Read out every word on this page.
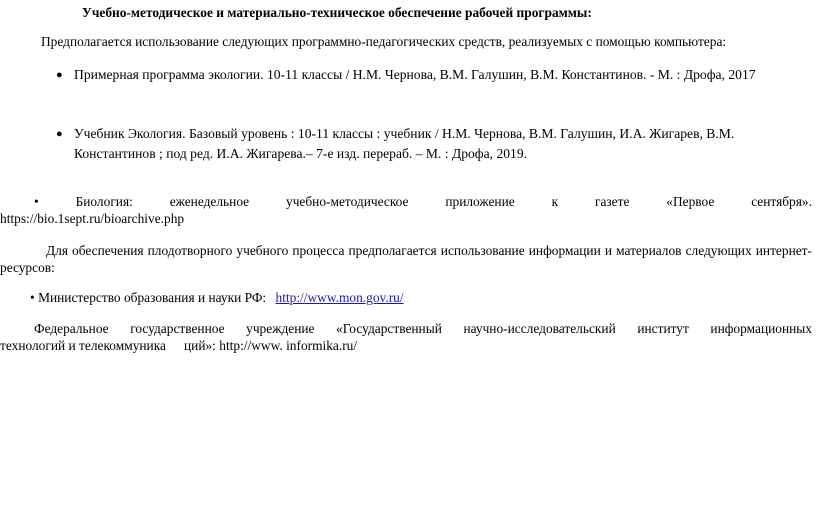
Учебно-методическое и материально-техническое обеспечение рабочей программы:
Предполагается использование следующих программно-педагогических средств, реализуемых с помощью компьютера:
● Примерная программа экологии. 10-11 классы / Н.М. Чернова, В.М. Галушин, В.М. Константинов. - М. : Дрофа, 2017
● Учебник Экология. Базовый уровень : 10-11 классы : учебник / Н.М. Чернова, В.М. Галушин, И.А. Жигарев, В.М. Константинов ; под ред. И.А. Жигарева.– 7-е изд. перераб. – М. : Дрофа, 2019.
•	Биология:	еженедельное	учебно-методическое	приложение	к	газете	«Первое	сентября».
https://bio.1sept.ru/bioarchive.php
Для обеспечения плодотворного учебного процесса предполагается использование информации и материалов следующих интернет-ресурсов:
• Министерство образования и науки РФ: http://www.mon.gov.ru/
Федеральное государственное учреждение «Государственный научно-исследовательский институт информационных
технологий и телекоммуника ций»: http://www. informika.ru/
